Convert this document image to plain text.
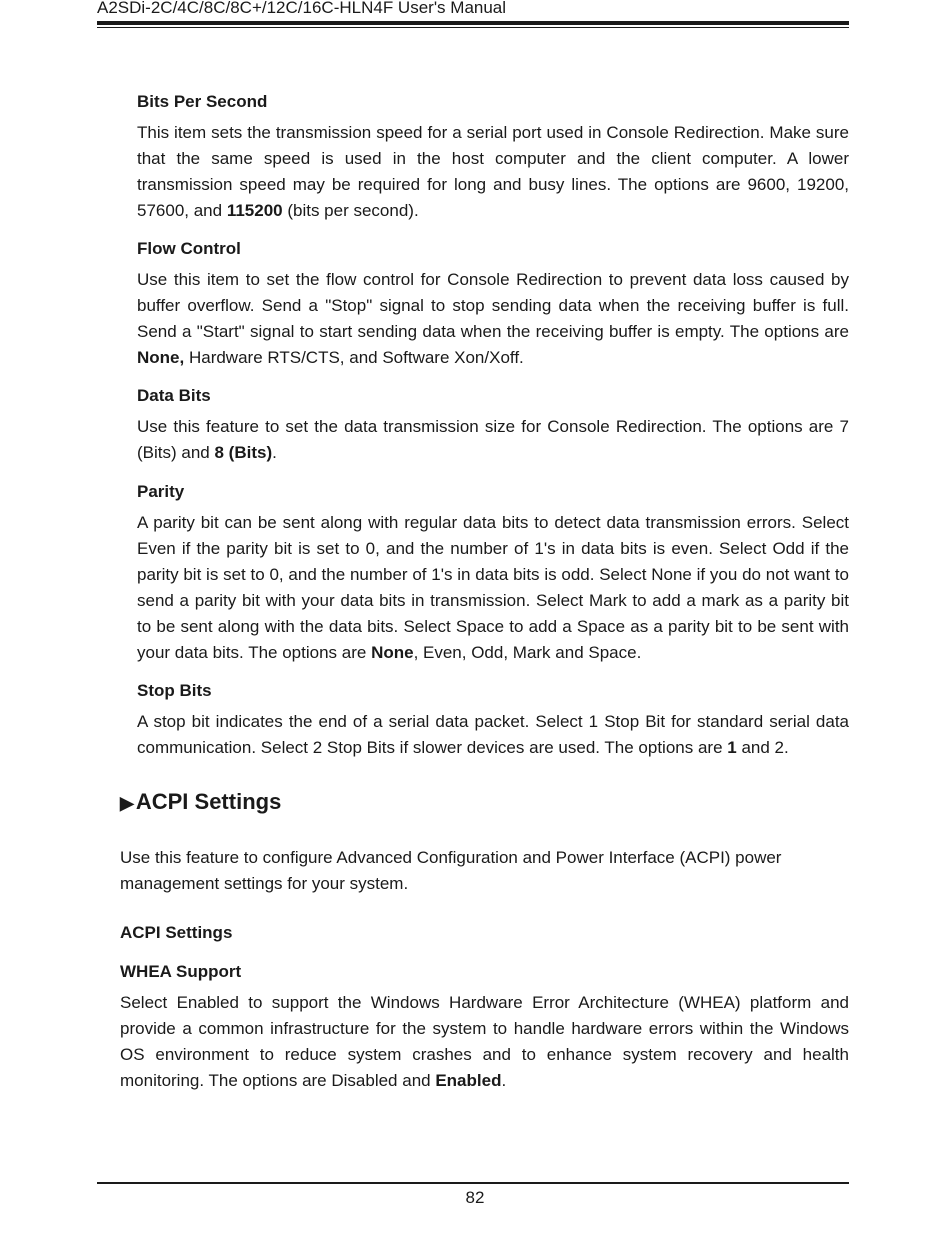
A2SDi-2C/4C/8C/8C+/12C/16C-HLN4F User's Manual
Bits Per Second

This item sets the transmission speed for a serial port used in Console Redirection. Make sure that the same speed is used in the host computer and the client computer. A lower transmission speed may be required for long and busy lines. The options are 9600, 19200, 57600, and 115200 (bits per second).

Flow Control

Use this item to set the flow control for Console Redirection to prevent data loss caused by buffer overflow. Send a "Stop" signal to stop sending data when the receiving buffer is full. Send a "Start" signal to start sending data when the receiving buffer is empty. The options are None, Hardware RTS/CTS, and Software Xon/Xoff.

Data Bits

Use this feature to set the data transmission size for Console Redirection. The options are 7 (Bits) and 8 (Bits).

Parity

A parity bit can be sent along with regular data bits to detect data transmission errors. Select Even if the parity bit is set to 0, and the number of 1's in data bits is even. Select Odd if the parity bit is set to 0, and the number of 1's in data bits is odd. Select None if you do not want to send a parity bit with your data bits in transmission. Select Mark to add a mark as a parity bit to be sent along with the data bits. Select Space to add a Space as a parity bit to be sent with your data bits. The options are None, Even, Odd, Mark and Space.

Stop Bits

A stop bit indicates the end of a serial data packet. Select 1 Stop Bit for standard serial data communication. Select 2 Stop Bits if slower devices are used. The options are 1 and 2.

▶ACPI Settings

Use this feature to configure Advanced Configuration and Power Interface (ACPI) power management settings for your system.

ACPI Settings
WHEA Support

Select Enabled to support the Windows Hardware Error Architecture (WHEA) platform and provide a common infrastructure for the system to handle hardware errors within the Windows OS environment to reduce system crashes and to enhance system recovery and health monitoring. The options are Disabled and Enabled.

82
